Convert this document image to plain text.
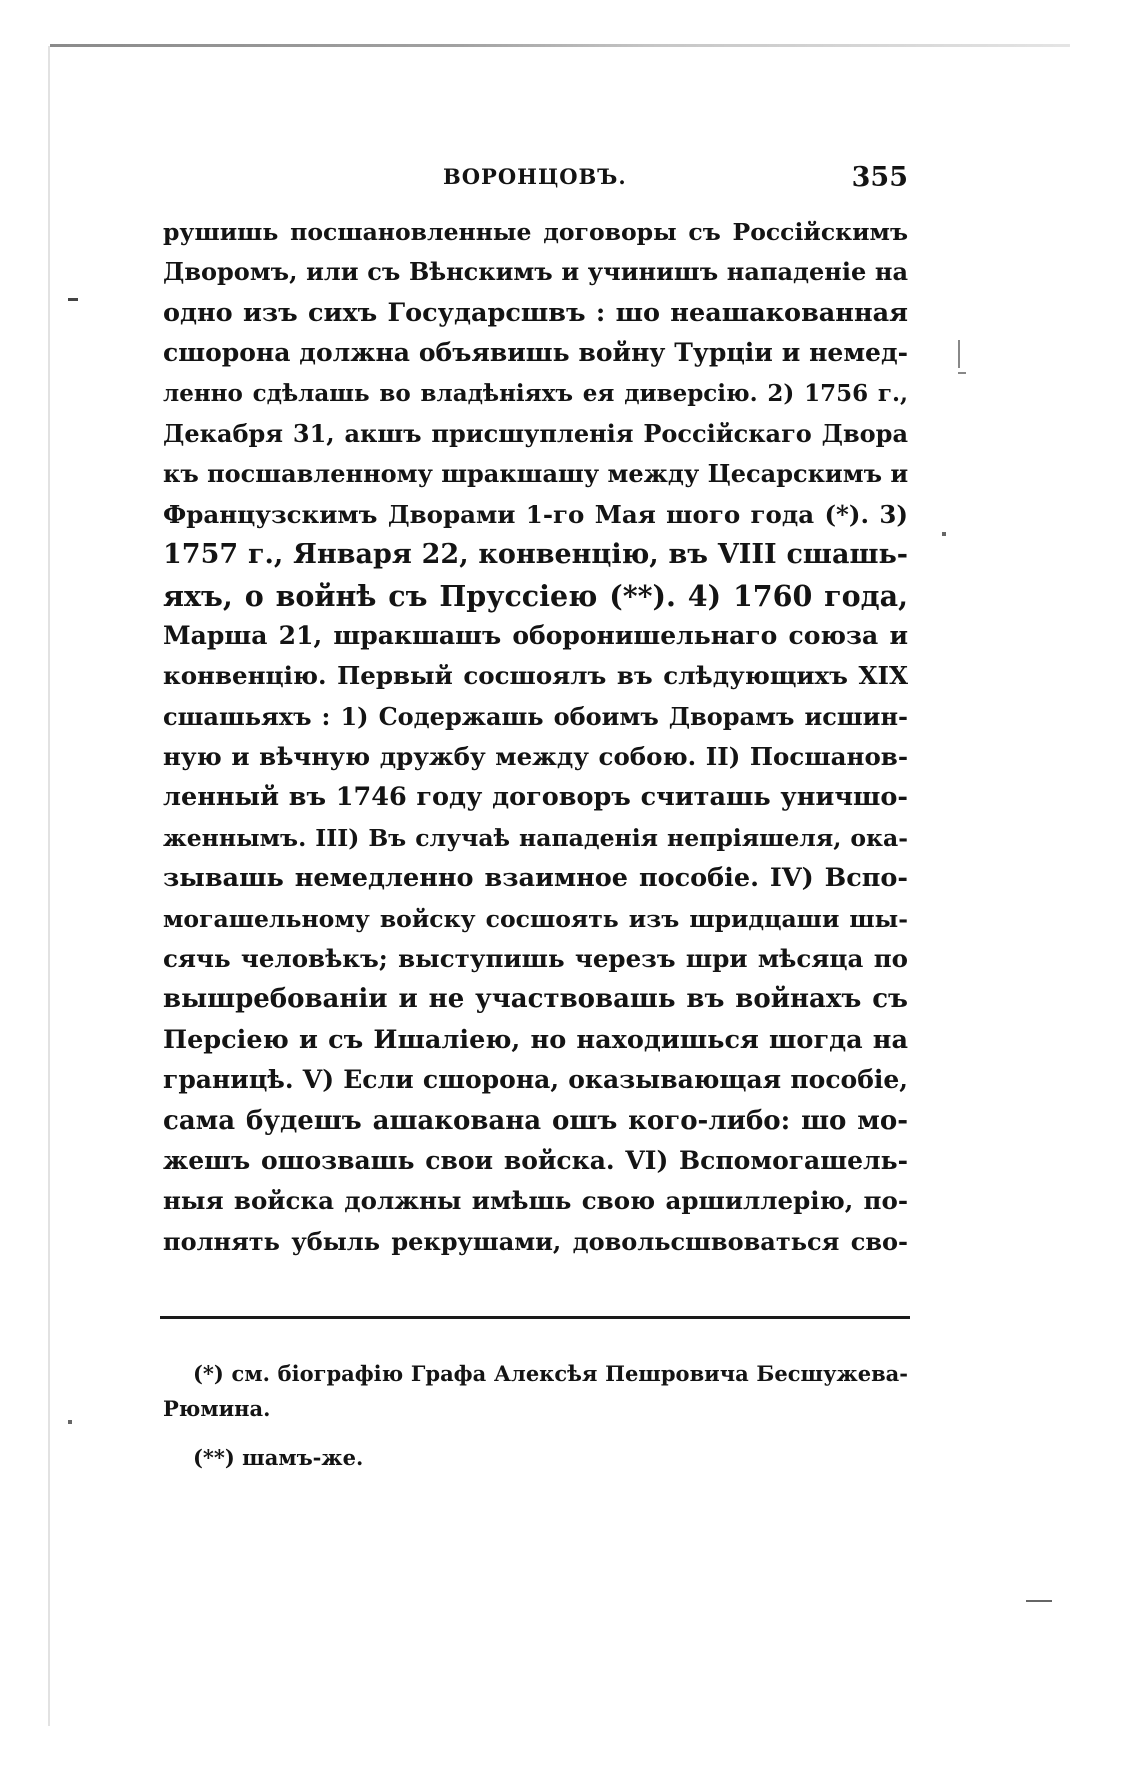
ВОРОНЦОВЪ.	355
рушишь посшановленные договоры съ Россійскимъ
Дворомъ, или съ Вѣнскимъ и учинишъ нападеніе на
одно изъ сихъ Государсшвъ : шо неашакованная
сшорона должна объявишь войну Турціи и немед-
ленно сдѣлашь во владѣніяхъ ея диверсію. 2) 1756 г.,
Декабря 31, акшъ присшупленія Россійскаго Двора
къ посшавленному шракшашу между Цесарскимъ и
Французскимъ Дворами 1-го Мая шого года (*). 3)
1757 г., Января 22, конвенцію, въ VIII сшашь-
яхъ, о войнѣ съ Пруссіею (**). 4) 1760 года,
Марша 21, шракшашъ оборонишельнаго союза и
конвенцію. Первый сосшоялъ въ слѣдующихъ XIX
сшашьяхъ : 1) Содержашь обоимъ Дворамъ исшин-
ную и вѣчную дружбу между собою. II) Посшанов-
ленный въ 1746 году договоръ считашь уничшо-
женнымъ. III) Въ случаѣ нападенія непріяшеля, ока-
зывашь немедленно взаимное пособіе. IV) Вспо-
могашельному войску сосшоять изъ шридцаши шы-
сячь человѣкъ; выступишь черезъ шри мѣсяца по
вышребованіи и не участвовашь въ войнахъ съ
Персіею и съ Ишаліею, но находишься шогда на
границѣ. V) Если сшорона, оказывающая пособіе,
сама будешъ ашакована ошъ кого-либо: шо мо-
жешъ ошозвашь свои войска. VI) Вспомогашель-
ныя войска должны имѣшь свою аршиллерію, по-
полнять убыль рекрушами, довольсшвоваться сво-
(*) см. біографію Графа Алексѣя Пешровича Бесшужева-
Рюмина.
(**) шамъ-же.
